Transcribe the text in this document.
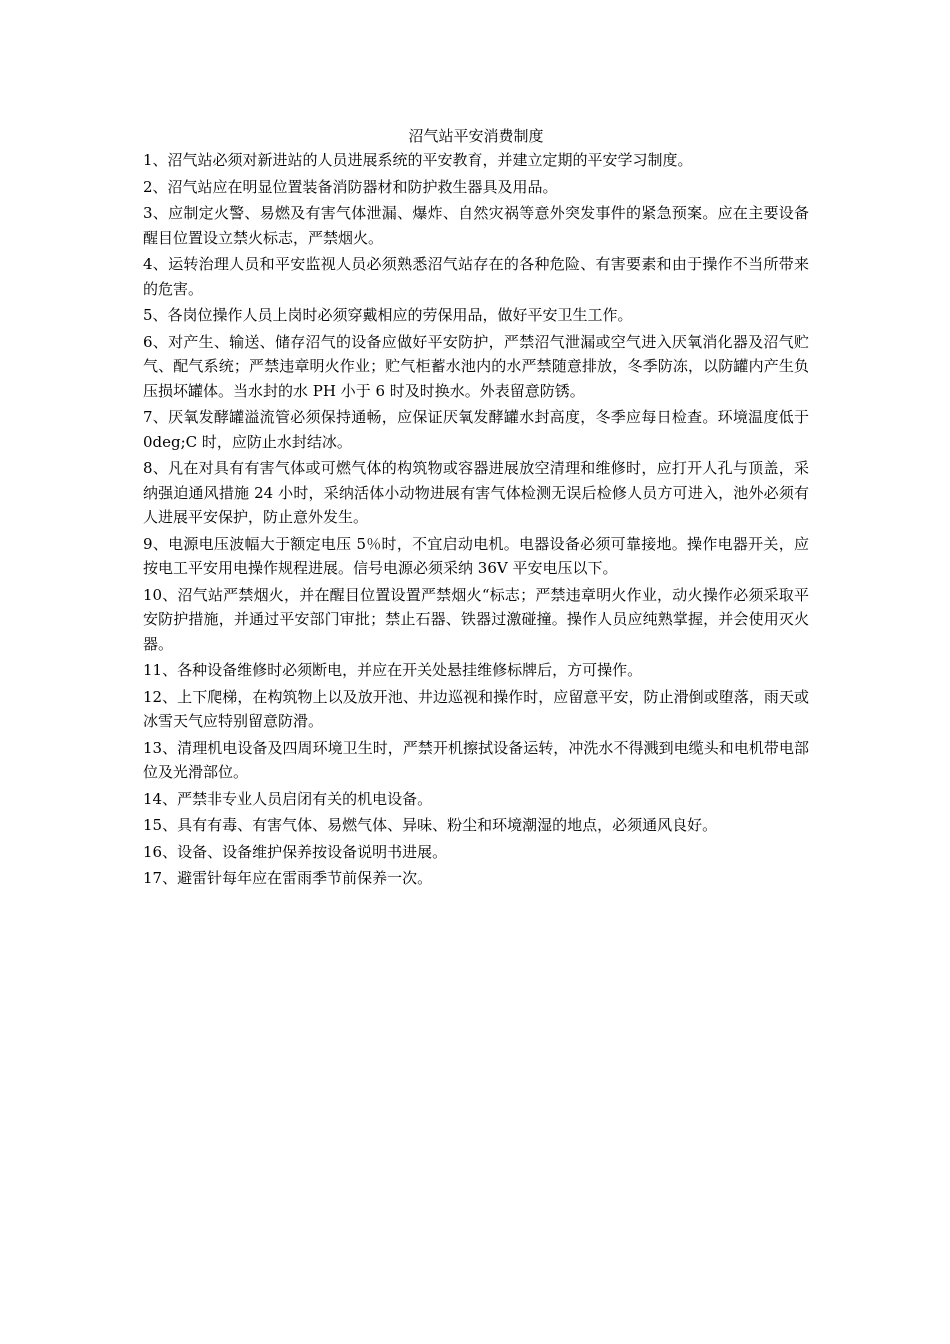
沼气站平安消费制度
1、沼气站必须对新进站的人员进展系统的平安教育，并建立定期的平安学习制度。
2、沼气站应在明显位置装备消防器材和防护救生器具及用品。
3、应制定火警、易燃及有害气体泄漏、爆炸、自然灾祸等意外突发事件的紧急预案。应在主要设备醒目位置设立禁火标志，严禁烟火。
4、运转治理人员和平安监视人员必须熟悉沼气站存在的各种危险、有害要素和由于操作不当所带来的危害。
5、各岗位操作人员上岗时必须穿戴相应的劳保用品，做好平安卫生工作。
6、对产生、输送、储存沼气的设备应做好平安防护，严禁沼气泄漏或空气进入厌氧消化器及沼气贮气、配气系统；严禁违章明火作业；贮气柜蓄水池内的水严禁随意排放，冬季防冻，以防罐内产生负压损坏罐体。当水封的水 PH 小于 6 时及时换水。外表留意防锈。
7、厌氧发酵罐溢流管必须保持通畅，应保证厌氧发酵罐水封高度，冬季应每日检查。环境温度低于 0deg;C 时，应防止水封结冰。
8、凡在对具有有害气体或可燃气体的构筑物或容器进展放空清理和维修时，应打开人孔与顶盖，采纳强迫通风措施 24 小时，采纳活体小动物进展有害气体检测无误后检修人员方可进入，池外必须有人进展平安保护，防止意外发生。
9、电源电压波幅大于额定电压 5％时，不宜启动电机。电器设备必须可靠接地。操作电器开关，应按电工平安用电操作规程进展。信号电源必须采纳 36V 平安电压以下。
10、沼气站严禁烟火，并在醒目位置设置严禁烟火“标志；严禁违章明火作业，动火操作必须采取平安防护措施，并通过平安部门审批；禁止石器、铁器过激碰撞。操作人员应纯熟掌握，并会使用灭火器。
11、各种设备维修时必须断电，并应在开关处悬挂维修标牌后，方可操作。
12、上下爬梯，在构筑物上以及放开池、井边巡视和操作时，应留意平安，防止滑倒或堕落，雨天或冰雪天气应特别留意防滑。
13、清理机电设备及四周环境卫生时，严禁开机擦拭设备运转，冲洗水不得溅到电缆头和电机带电部位及光滑部位。
14、严禁非专业人员启闭有关的机电设备。
15、具有有毒、有害气体、易燃气体、异味、粉尘和环境潮湿的地点，必须通风良好。
16、设备、设备维护保养按设备说明书进展。
17、避雷针每年应在雷雨季节前保养一次。
